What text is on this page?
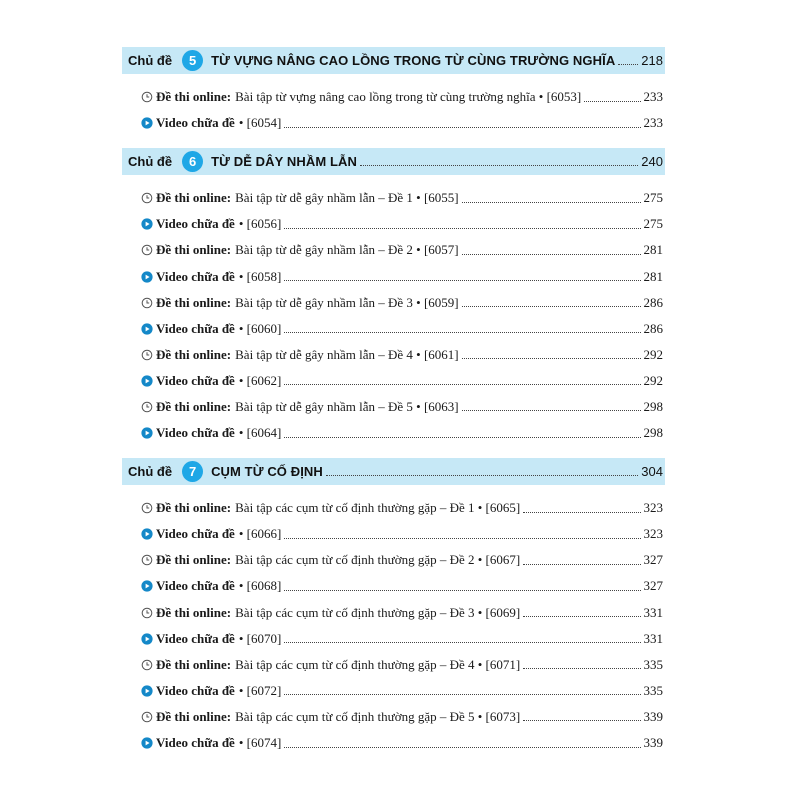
Chủ đề	5	TỪ VỰNG NÂNG CAO LỒNG TRONG TỪ CÙNG TRƯỜNG NGHĨA 218
Đề thi online: Bài tập từ vựng nâng cao lồng trong từ cùng trường nghĩa • [6053]	233
Video chữa đề • [6054]	233
Chủ đề	6	TỪ DỄ DÂY NHẦM LẪN	240
Đề thi online: Bài tập từ dễ gây nhầm lẫn – Đề 1 • [6055]	275
Video chữa đề • [6056]	275
Đề thi online: Bài tập từ dễ gây nhầm lẫn – Đề 2 • [6057]	281
Video chữa đề • [6058]	281
Đề thi online: Bài tập từ dễ gây nhầm lẫn – Đề 3 • [6059]	286
Video chữa đề • [6060]	286
Đề thi online: Bài tập từ dễ gây nhầm lẫn – Đề 4 • [6061]	292
Video chữa đề • [6062]	292
Đề thi online: Bài tập từ dễ gây nhầm lẫn – Đề 5 • [6063]	298
Video chữa đề • [6064]	298
Chủ đề	7	CỤM TỪ CỐ ĐỊNH	304
Đề thi online: Bài tập các cụm từ cố định thường gặp – Đề 1 • [6065]	323
Video chữa đề • [6066]	323
Đề thi online: Bài tập các cụm từ cố định thường gặp – Đề 2 • [6067]	327
Video chữa đề • [6068]	327
Đề thi online: Bài tập các cụm từ cố định thường gặp – Đề 3 • [6069]	331
Video chữa đề • [6070]	331
Đề thi online: Bài tập các cụm từ cố định thường gặp – Đề 4 • [6071]	335
Video chữa đề • [6072]	335
Đề thi online: Bài tập các cụm từ cố định thường gặp – Đề 5 • [6073]	339
Video chữa đề • [6074]	339
